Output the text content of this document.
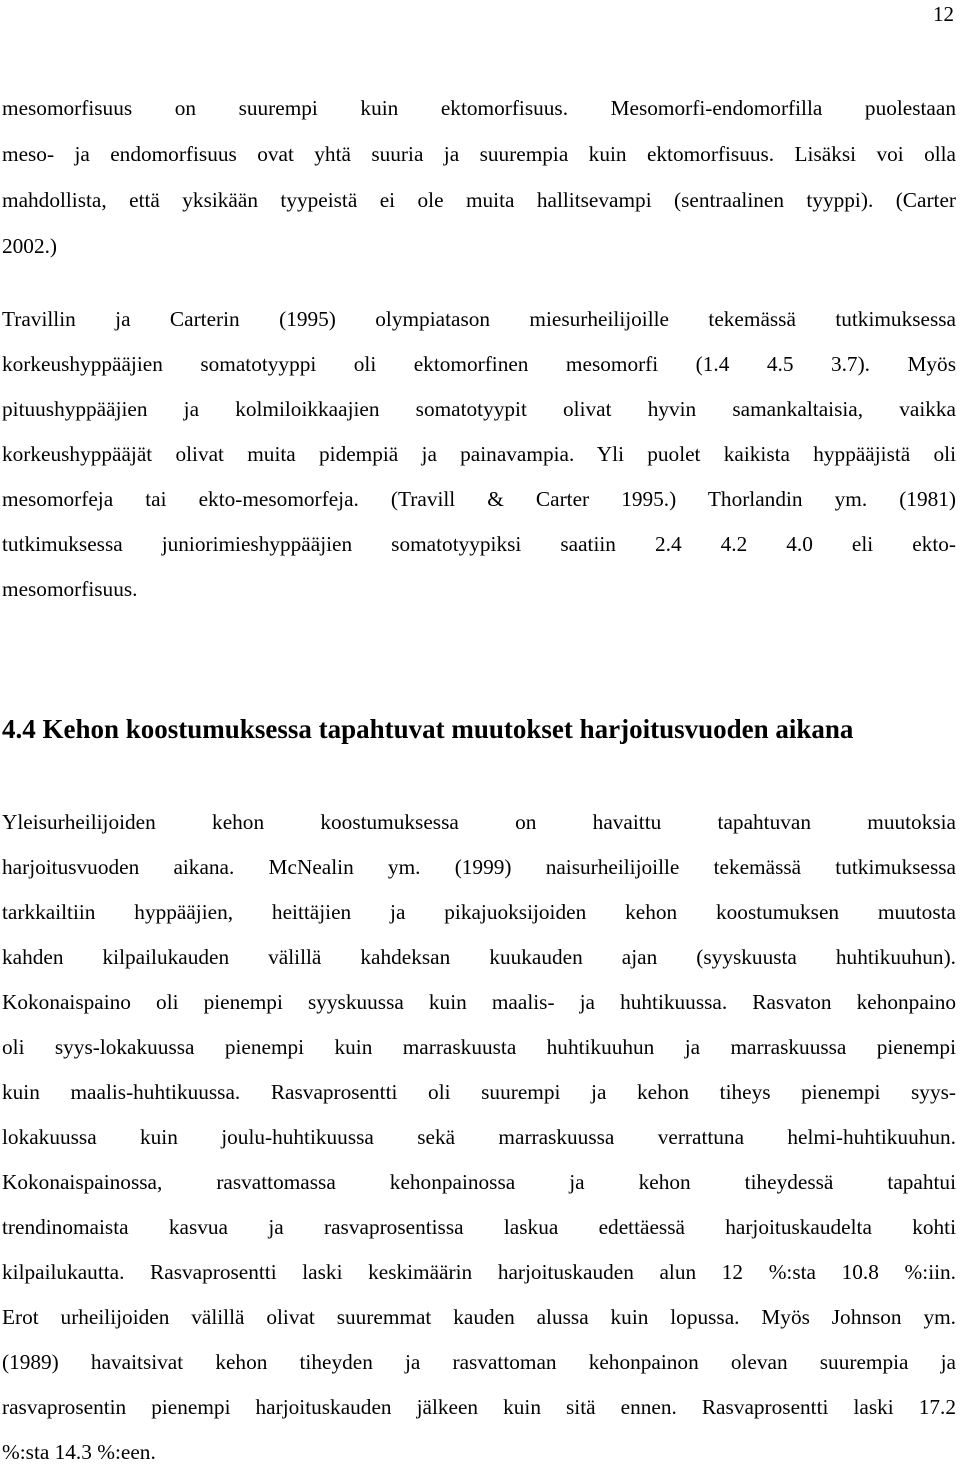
12

mesomorfisuus on suurempi kuin ektomorfisuus. Mesomorfi-endomorfilla puolestaan
meso- ja endomorfisuus ovat yhtä suuria ja suurempia kuin ektomorfisuus. Lisäksi voi olla
mahdollista, että yksikään tyypeistä ei ole muita hallitsevampi (sentraalinen tyyppi). (Carter
2002.)

Travillin ja Carterin (1995) olympiatason miesurheilijoille tekemässä tutkimuksessa
korkeushyppääjien somatotyyppi oli ektomorfinen mesomorfi (1.4 4.5 3.7). Myös
pituushyppääjien ja kolmiloikkaajien somatotyypit olivat hyvin samankaltaisia, vaikka
korkeushyppääjät olivat muita pidempiä ja painavampia. Yli puolet kaikista hyppääjistä oli
mesomorfeja tai ekto-mesomorfeja. (Travill & Carter 1995.) Thorlandin ym. (1981)
tutkimuksessa juniorimieshyppääjien somatotyypiksi saatiin 2.4 4.2 4.0 eli ekto-
mesomorfisuus.

4.4 Kehon koostumuksessa tapahtuvat muutokset harjoitusvuoden aikana

Yleisurheilijoiden kehon koostumuksessa on havaittu tapahtuvan muutoksia
harjoitusvuoden aikana. McNealin ym. (1999) naisurheilijoille tekemässä tutkimuksessa
tarkkailtiin hyppääjien, heittäjien ja pikajuoksijoiden kehon koostumuksen muutosta
kahden kilpailukauden välillä kahdeksan kuukauden ajan (syyskuusta huhtikuuhun).
Kokonaispaino oli pienempi syyskuussa kuin maalis- ja huhtikuussa. Rasvaton kehonpaino
oli syys-lokakuussa pienempi kuin marraskuusta huhtikuuhun ja marraskuussa pienempi
kuin maalis-huhtikuussa. Rasvaprosentti oli suurempi ja kehon tiheys pienempi syys-
lokakuussa kuin joulu-huhtikuussa sekä marraskuussa verrattuna helmi-huhtikuuhun.
Kokonaispainossa, rasvattomassa kehonpainossa ja kehon tiheydessä tapahtui
trendinomaista kasvua ja rasvaprosentissa laskua edettäessä harjoituskaudelta kohti
kilpailukautta. Rasvaprosentti laski keskimäärin harjoituskauden alun 12 %:sta 10.8 %:iin.
Erot urheilijoiden välillä olivat suuremmat kauden alussa kuin lopussa. Myös Johnson ym.
(1989) havaitsivat kehon tiheyden ja rasvattoman kehonpainon olevan suurempia ja
rasvaprosentin pienempi harjoituskauden jälkeen kuin sitä ennen. Rasvaprosentti laski 17.2
%:sta 14.3 %:een.
